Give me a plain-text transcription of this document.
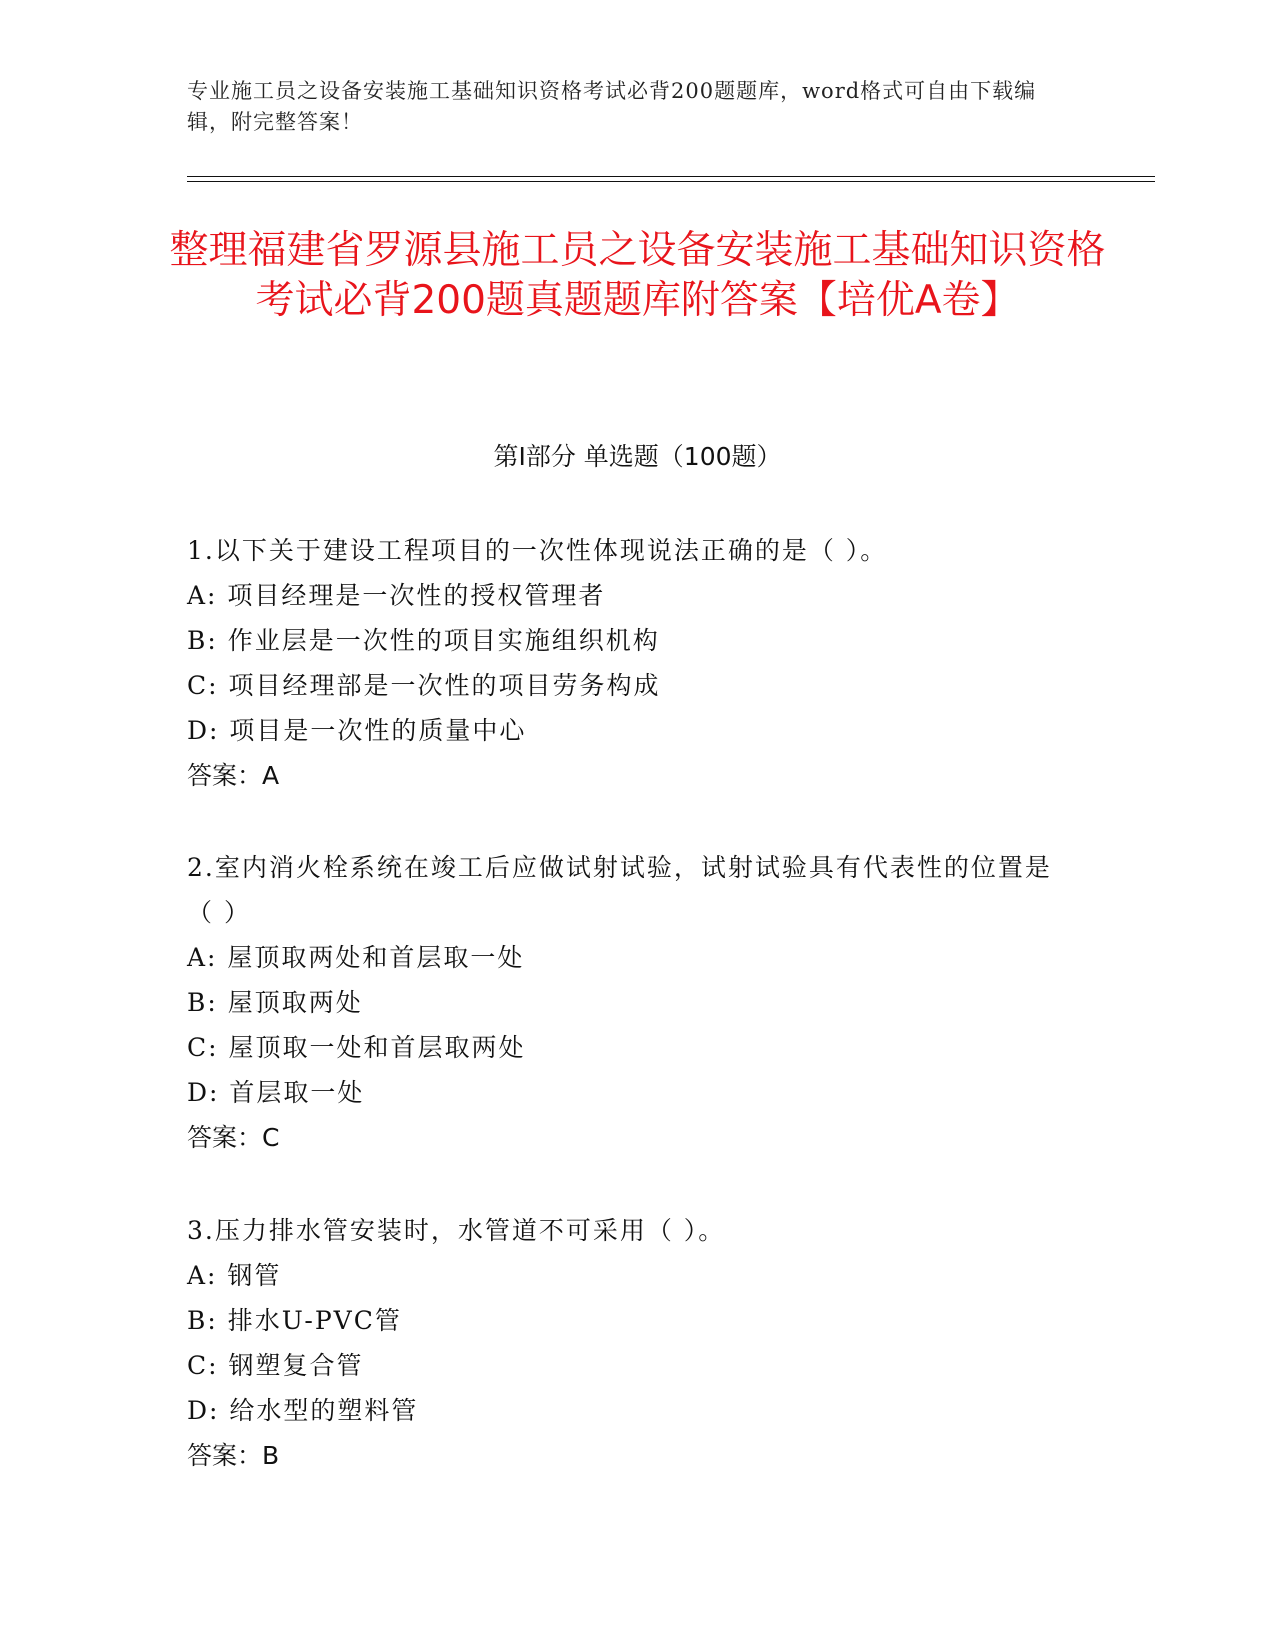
专业施工员之设备安装施工基础知识资格考试必背200题题库，word格式可自由下载编辑，附完整答案！
整理福建省罗源县施工员之设备安装施工基础知识资格考试必背200题真题题库附答案【培优A卷】
第I部分 单选题（100题）

1.以下关于建设工程项目的一次性体现说法正确的是（ ）。

A: 项目经理是一次性的授权管理者

B: 作业层是一次性的项目实施组织机构

C: 项目经理部是一次性的项目劳务构成

D: 项目是一次性的质量中心

答案：A

2.室内消火栓系统在竣工后应做试射试验，试射试验具有代表性的位置是（ ）

A: 屋顶取两处和首层取一处

B: 屋顶取两处

C: 屋顶取一处和首层取两处

D: 首层取一处

答案：C

3.压力排水管安装时，水管道不可采用（ ）。

A: 钢管

B: 排水U-PVC管

C: 钢塑复合管

D: 给水型的塑料管

答案：B
